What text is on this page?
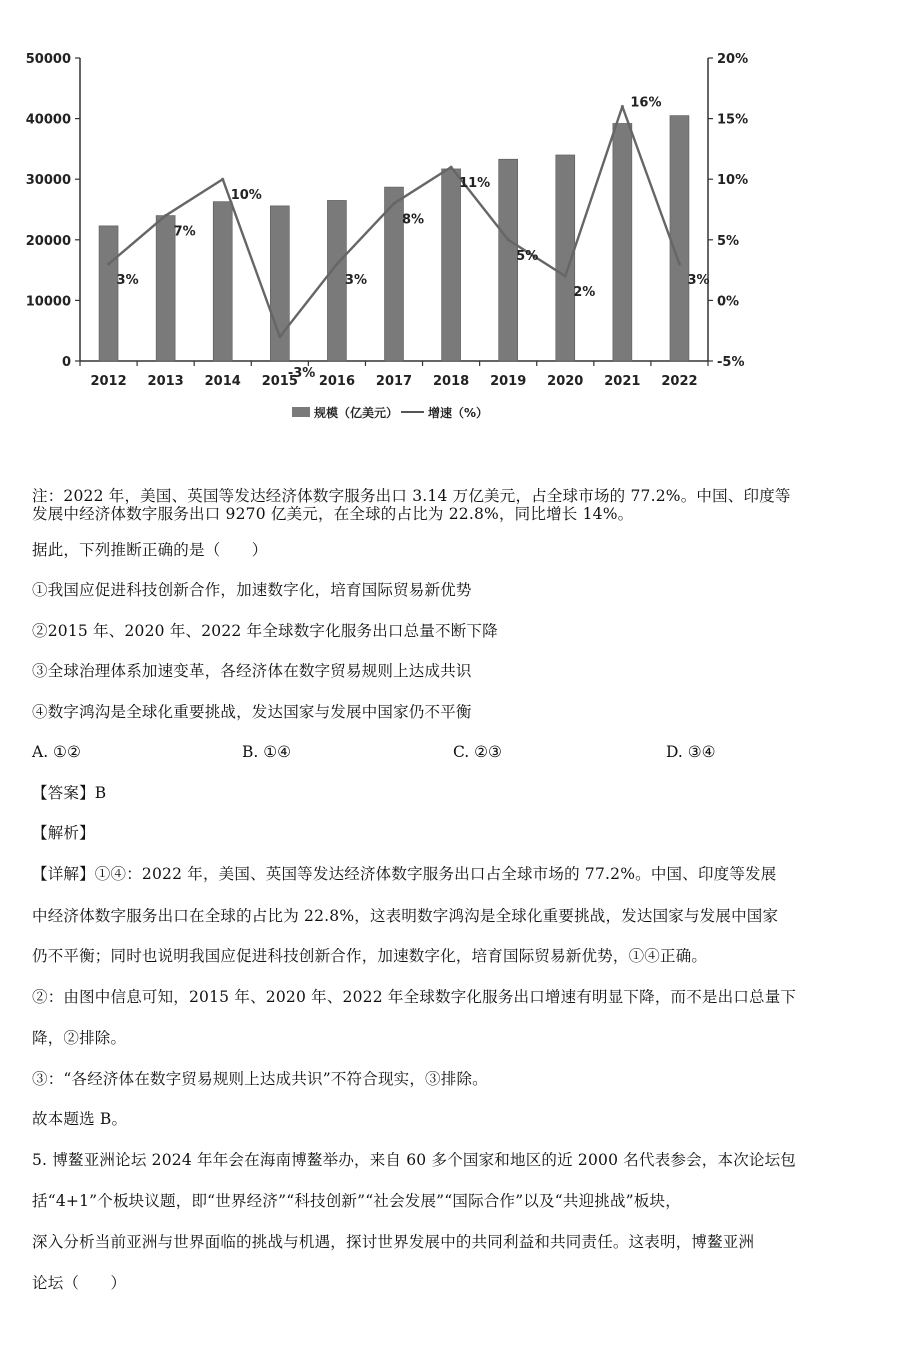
0
10000
20000
30000
40000
50000
-5%
0%
5%
10%
15%
20%
2012 2013 2014 2015 2016 2017 2018 2019 2020 2021 2022
3%
7%
10%
-3%
3%
8%
11%
5%
2%
16%
3%
规模（亿美元） 增速（%）
注：2022 年，美国、英国等发达经济体数字服务出口 3.14 万亿美元，占全球市场的 77.2%。中国、印度等
发展中经济体数字服务出口 9270 亿美元，在全球的占比为 22.8%，同比增长 14%。
据此，下列推断正确的是（　　）
①我国应促进科技创新合作，加速数字化，培育国际贸易新优势
②2015 年、2020 年、2022 年全球数字化服务出口总量不断下降
③全球治理体系加速变革，各经济体在数字贸易规则上达成共识
④数字鸿沟是全球化重要挑战，发达国家与发展中国家仍不平衡
A. ①②	B. ①④	C. ②③	D. ③④
【答案】B
【解析】
【详解】①④：2022 年，美国、英国等发达经济体数字服务出口占全球市场的 77.2%。中国、印度等发展
中经济体数字服务出口在全球的占比为 22.8%，这表明数字鸿沟是全球化重要挑战，发达国家与发展中国家
仍不平衡；同时也说明我国应促进科技创新合作，加速数字化，培育国际贸易新优势，①④正确。
②：由图中信息可知，2015 年、2020 年、2022 年全球数字化服务出口增速有明显下降，而不是出口总量下
降，②排除。
③：“各经济体在数字贸易规则上达成共识”不符合现实，③排除。
故本题选 B。
5. 博鳌亚洲论坛 2024 年年会在海南博鳌举办，来自 60 多个国家和地区的近 2000 名代表参会，本次论坛包
括“4+1”个板块议题，即“世界经济”“科技创新”“社会发展”“国际合作”以及“共迎挑战”板块，
深入分析当前亚洲与世界面临的挑战与机遇，探讨世界发展中的共同利益和共同责任。这表明，博鳌亚洲
论坛（　　）
